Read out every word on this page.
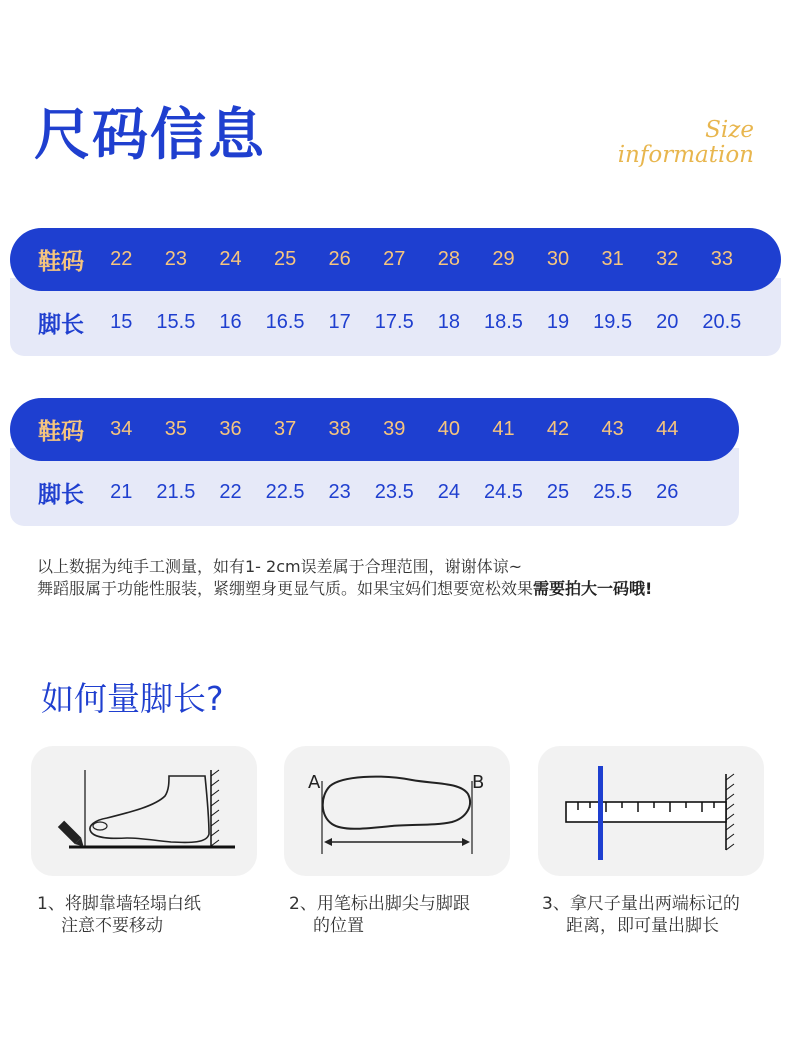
尺码信息	Size
information
鞋码	22	23	24	25	26	27	28	29	30	31	32	33
脚长	15	15.5	16	16.5	17	17.5	18	18.5	19	19.5	20	20.5
鞋码	34	35	36	37	38	39	40	41	42	43	44
脚长	21	21.5	22	22.5	23	23.5	24	24.5	25	25.5	26
以上数据为纯手工测量，如有1- 2cm误差属于合理范围，谢谢体谅~
舞蹈服属于功能性服装，紧绷塑身更显气质。如果宝妈们想要宽松效果需要拍大一码哦!
如何量脚长?
A	B
1、将脚靠墙轻塌白纸
注意不要移动
2、用笔标出脚尖与脚跟
的位置
3、拿尺子量出两端标记的
距离，即可量出脚长
